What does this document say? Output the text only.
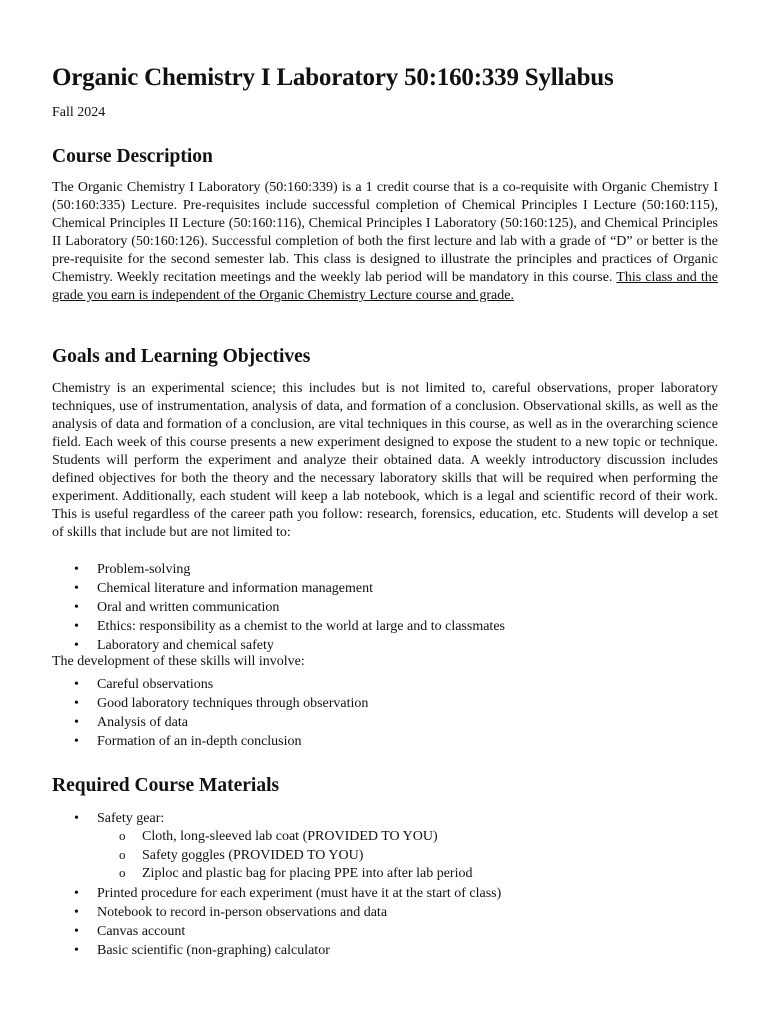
Organic Chemistry I Laboratory 50:160:339 Syllabus
Fall 2024
Course Description

The Organic Chemistry I Laboratory (50:160:339) is a 1 credit course that is a co-requisite with Organic Chemistry I (50:160:335) Lecture. Pre-requisites include successful completion of Chemical Principles I Lecture (50:160:115), Chemical Principles II Lecture (50:160:116), Chemical Principles I Laboratory (50:160:125), and Chemical Principles II Laboratory (50:160:126). Successful completion of both the first lecture and lab with a grade of “D” or better is the pre-requisite for the second semester lab. This class is designed to illustrate the principles and practices of Organic Chemistry. Weekly recitation meetings and the weekly lab period will be mandatory in this course. This class and the grade you earn is independent of the Organic Chemistry Lecture course and grade.

Goals and Learning Objectives

Chemistry is an experimental science; this includes but is not limited to, careful observations, proper laboratory techniques, use of instrumentation, analysis of data, and formation of a conclusion. Observational skills, as well as the analysis of data and formation of a conclusion, are vital techniques in this course, as well as in the overarching science field. Each week of this course presents a new experiment designed to expose the student to a new topic or technique. Students will perform the experiment and analyze their obtained data. A weekly introductory discussion includes defined objectives for both the theory and the necessary laboratory skills that will be required when performing the experiment. Additionally, each student will keep a lab notebook, which is a legal and scientific record of their work. This is useful regardless of the career path you follow: research, forensics, education, etc. Students will develop a set of skills that include but are not limited to:

• Problem-solving
• Chemical literature and information management
• Oral and written communication
• Ethics: responsibility as a chemist to the world at large and to classmates
• Laboratory and chemical safety
The development of these skills will involve:
• Careful observations
• Good laboratory techniques through observation
• Analysis of data
• Formation of an in-depth conclusion
Required Course Materials
• Safety gear:
o Cloth, long-sleeved lab coat (PROVIDED TO YOU)
o Safety goggles (PROVIDED TO YOU)
o Ziploc and plastic bag for placing PPE into after lab period
• Printed procedure for each experiment (must have it at the start of class)
• Notebook to record in-person observations and data
• Canvas account
• Basic scientific (non-graphing) calculator
